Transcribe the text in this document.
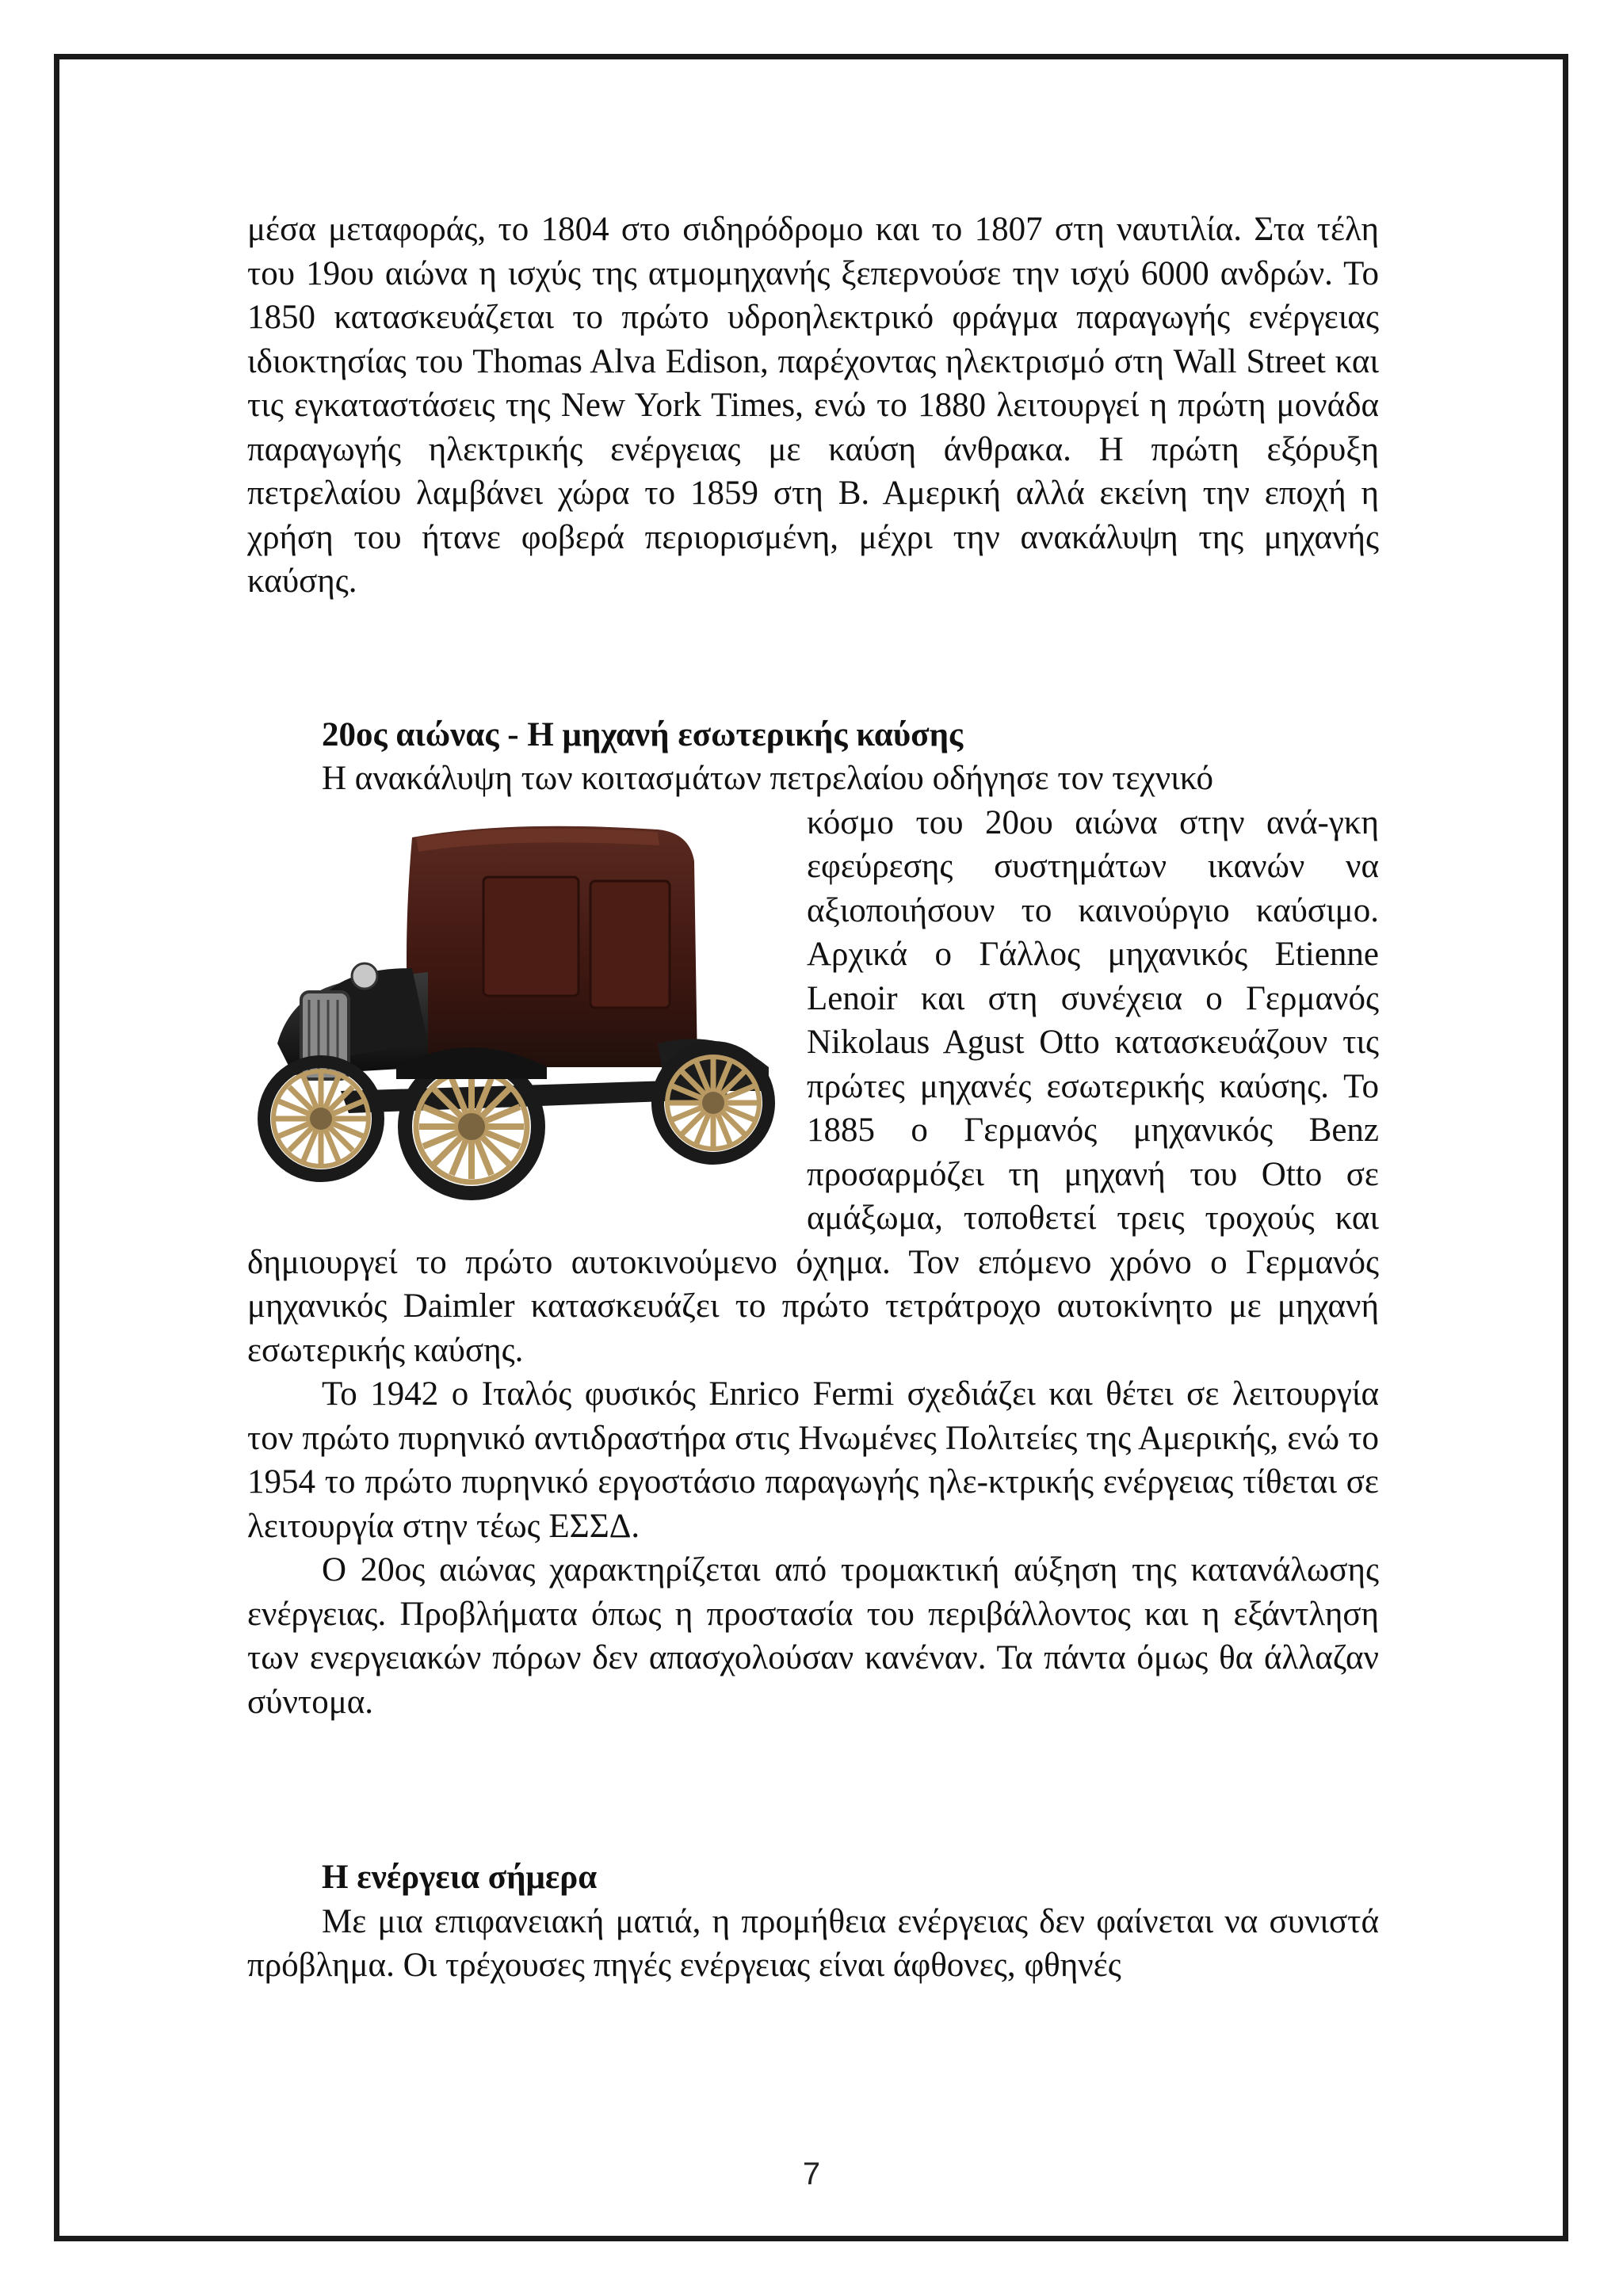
μέσα μεταφοράς, το 1804 στο σιδηρόδρομο και το 1807 στη ναυτιλία. Στα τέλη του 19ου αιώνα η ισχύς της ατμομηχανής ξεπερνούσε την ισχύ 6000 ανδρών. Το 1850 κατασκευάζεται το πρώτο υδροηλεκτρικό φράγμα παραγωγής ενέργειας ιδιοκτησίας του Thomas Alva Edison, παρέχοντας ηλεκτρισμό στη Wall Street και τις εγκαταστάσεις της New York Times, ενώ το 1880 λειτουργεί η πρώτη μονάδα παραγωγής ηλεκτρικής ενέργειας με καύση άνθρακα. Η πρώτη εξόρυξη πετρελαίου λαμβάνει χώρα το 1859 στη Β. Αμερική αλλά εκείνη την εποχή η χρήση του ήτανε φοβερά περιορισμένη, μέχρι την ανακάλυψη της μηχανής καύσης.

20ος αιώνας - Η μηχανή εσωτερικής καύσης

Η ανακάλυψη των κοιτασμάτων πετρελαίου οδήγησε τον τεχνικό

κόσμο του 20ου αιώνα στην ανά-γκη εφεύρεσης συστημάτων ικανών να αξιοποιήσουν το καινούργιο καύσιμο. Αρχικά ο Γάλλος μηχανικός Etienne Lenoir και στη συνέχεια ο Γερμανός Nikolaus Agust Otto κατασκευάζουν τις πρώτες μηχανές εσωτερικής καύσης. Το 1885 ο Γερμανός μηχανικός Benz προσαρμόζει τη μηχανή του Otto σε αμάξωμα, τοποθετεί τρεις τροχούς και δημιουργεί το πρώτο αυτοκινούμενο όχημα. Τον επόμενο χρόνο ο Γερμανός μηχανικός Daimler κατασκευάζει το πρώτο τετράτροχο αυτοκίνητο με μηχανή εσωτερικής καύσης.

Το 1942 ο Ιταλός φυσικός Enrico Fermi σχεδιάζει και θέτει σε λειτουργία τον πρώτο πυρηνικό αντιδραστήρα στις Ηνωμένες Πολιτείες της Αμερικής, ενώ το 1954 το πρώτο πυρηνικό εργοστάσιο παραγωγής ηλε-κτρικής ενέργειας τίθεται σε λειτουργία στην τέως ΕΣΣΔ.

Ο 20ος αιώνας χαρακτηρίζεται από τρομακτική αύξηση της κατανάλωσης ενέργειας. Προβλήματα όπως η προστασία του περιβάλλοντος και η εξάντληση των ενεργειακών πόρων δεν απασχολούσαν κανέναν. Τα πάντα όμως θα άλλαζαν σύντομα.

Η ενέργεια σήμερα

Με μια επιφανειακή ματιά, η προμήθεια ενέργειας δεν φαίνεται να συνιστά πρόβλημα. Οι τρέχουσες πηγές ενέργειας είναι άφθονες, φθηνές

7
